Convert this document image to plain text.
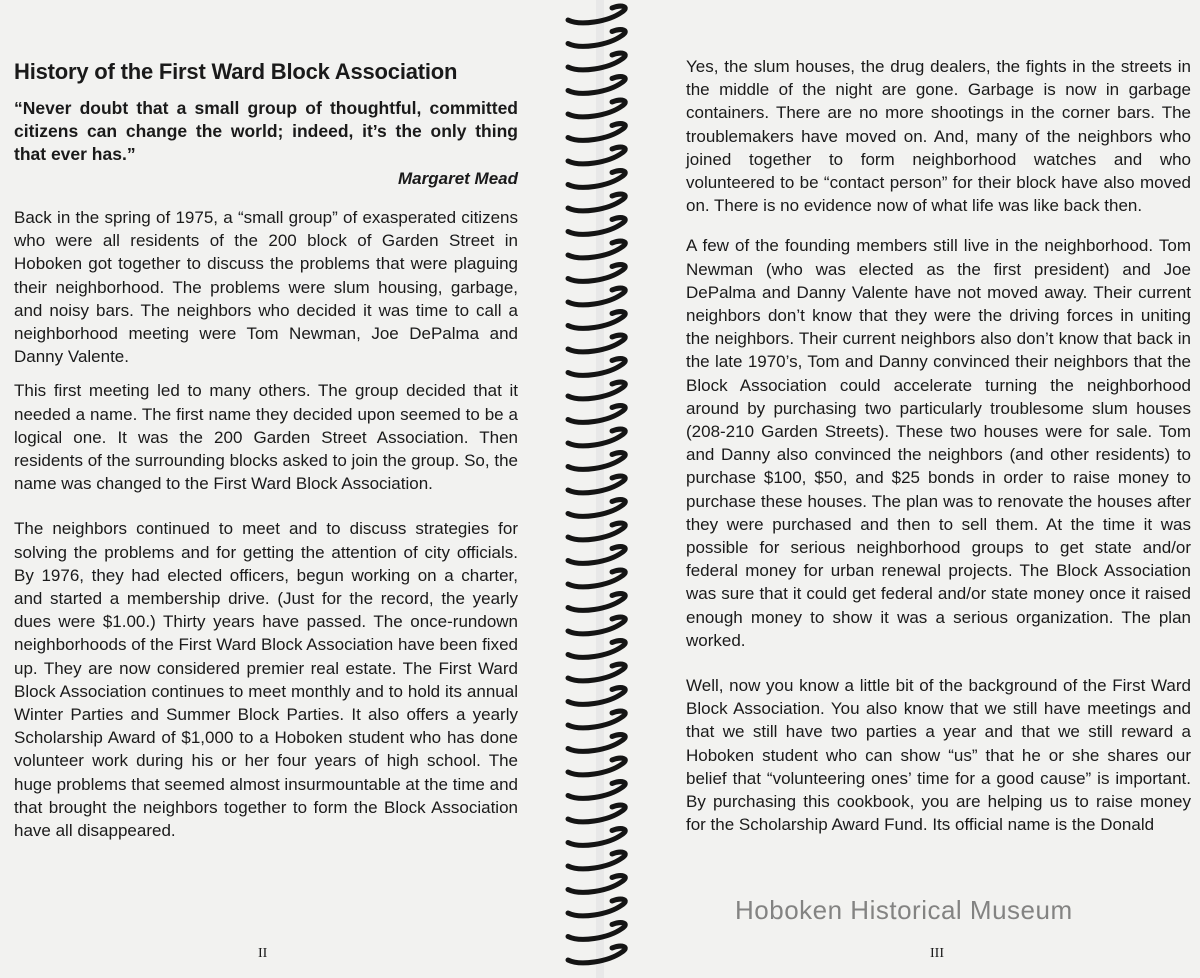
II	III
History of the First Ward Block Association
“Never doubt that a small group of thoughtful, committed citizens can change the world; indeed, it’s the only thing that ever has.”
Margaret Mead

Back in the spring of 1975, a “small group” of exasperated citizens who were all residents of the 200 block of Garden Street in Hoboken got together to discuss the problems that were plaguing their neighborhood. The problems were slum housing, garbage, and noisy bars. The neighbors who decided it was time to call a neighborhood meeting were Tom Newman, Joe DePalma and Danny Valente.

This first meeting led to many others. The group decided that it needed a name. The first name they decided upon seemed to be a logical one. It was the 200 Garden Street Association. Then residents of the surrounding blocks asked to join the group. So, the name was changed to the First Ward Block Association.

The neighbors continued to meet and to discuss strategies for solving the problems and for getting the attention of city officials. By 1976, they had elected officers, begun working on a charter, and started a membership drive. (Just for the record, the yearly dues were $1.00.) Thirty years have passed. The once-rundown neighborhoods of the First Ward Block Association have been fixed up. They are now considered premier real estate. The First Ward Block Association continues to meet monthly and to hold its annual Winter Parties and Summer Block Parties. It also offers a yearly Scholarship Award of $1,000 to a Hoboken student who has done volunteer work during his or her four years of high school. The huge problems that seemed almost insurmountable at the time and that brought the neighbors together to form the Block Association have all disappeared.

Yes, the slum houses, the drug dealers, the fights in the streets in the middle of the night are gone. Garbage is now in garbage containers. There are no more shootings in the corner bars. The troublemakers have moved on. And, many of the neighbors who joined together to form neighborhood watches and who volunteered to be “contact person” for their block have also moved on. There is no evidence now of what life was like back then.

A few of the founding members still live in the neighborhood. Tom Newman (who was elected as the first president) and Joe DePalma and Danny Valente have not moved away. Their current neighbors don’t know that they were the driving forces in uniting the neighbors. Their current neighbors also don’t know that back in the late 1970’s, Tom and Danny convinced their neighbors that the Block Association could accelerate turning the neighborhood around by purchasing two particularly troublesome slum houses (208-210 Garden Streets). These two houses were for sale. Tom and Danny also convinced the neighbors (and other residents) to purchase $100, $50, and $25 bonds in order to raise money to purchase these houses. The plan was to renovate the houses after they were purchased and then to sell them. At the time it was possible for serious neighborhood groups to get state and/or federal money for urban renewal projects. The Block Association was sure that it could get federal and/or state money once it raised enough money to show it was a serious organization. The plan worked.

Well, now you know a little bit of the background of the First Ward Block Association. You also know that we still have meetings and that we still have two parties a year and that we still reward a Hoboken student who can show “us” that he or she shares our belief that “volunteering ones’ time for a good cause” is important. By purchasing this cookbook, you are helping us to raise money for the Scholarship Award Fund. Its official name is the Donald

Hoboken Historical Museum
